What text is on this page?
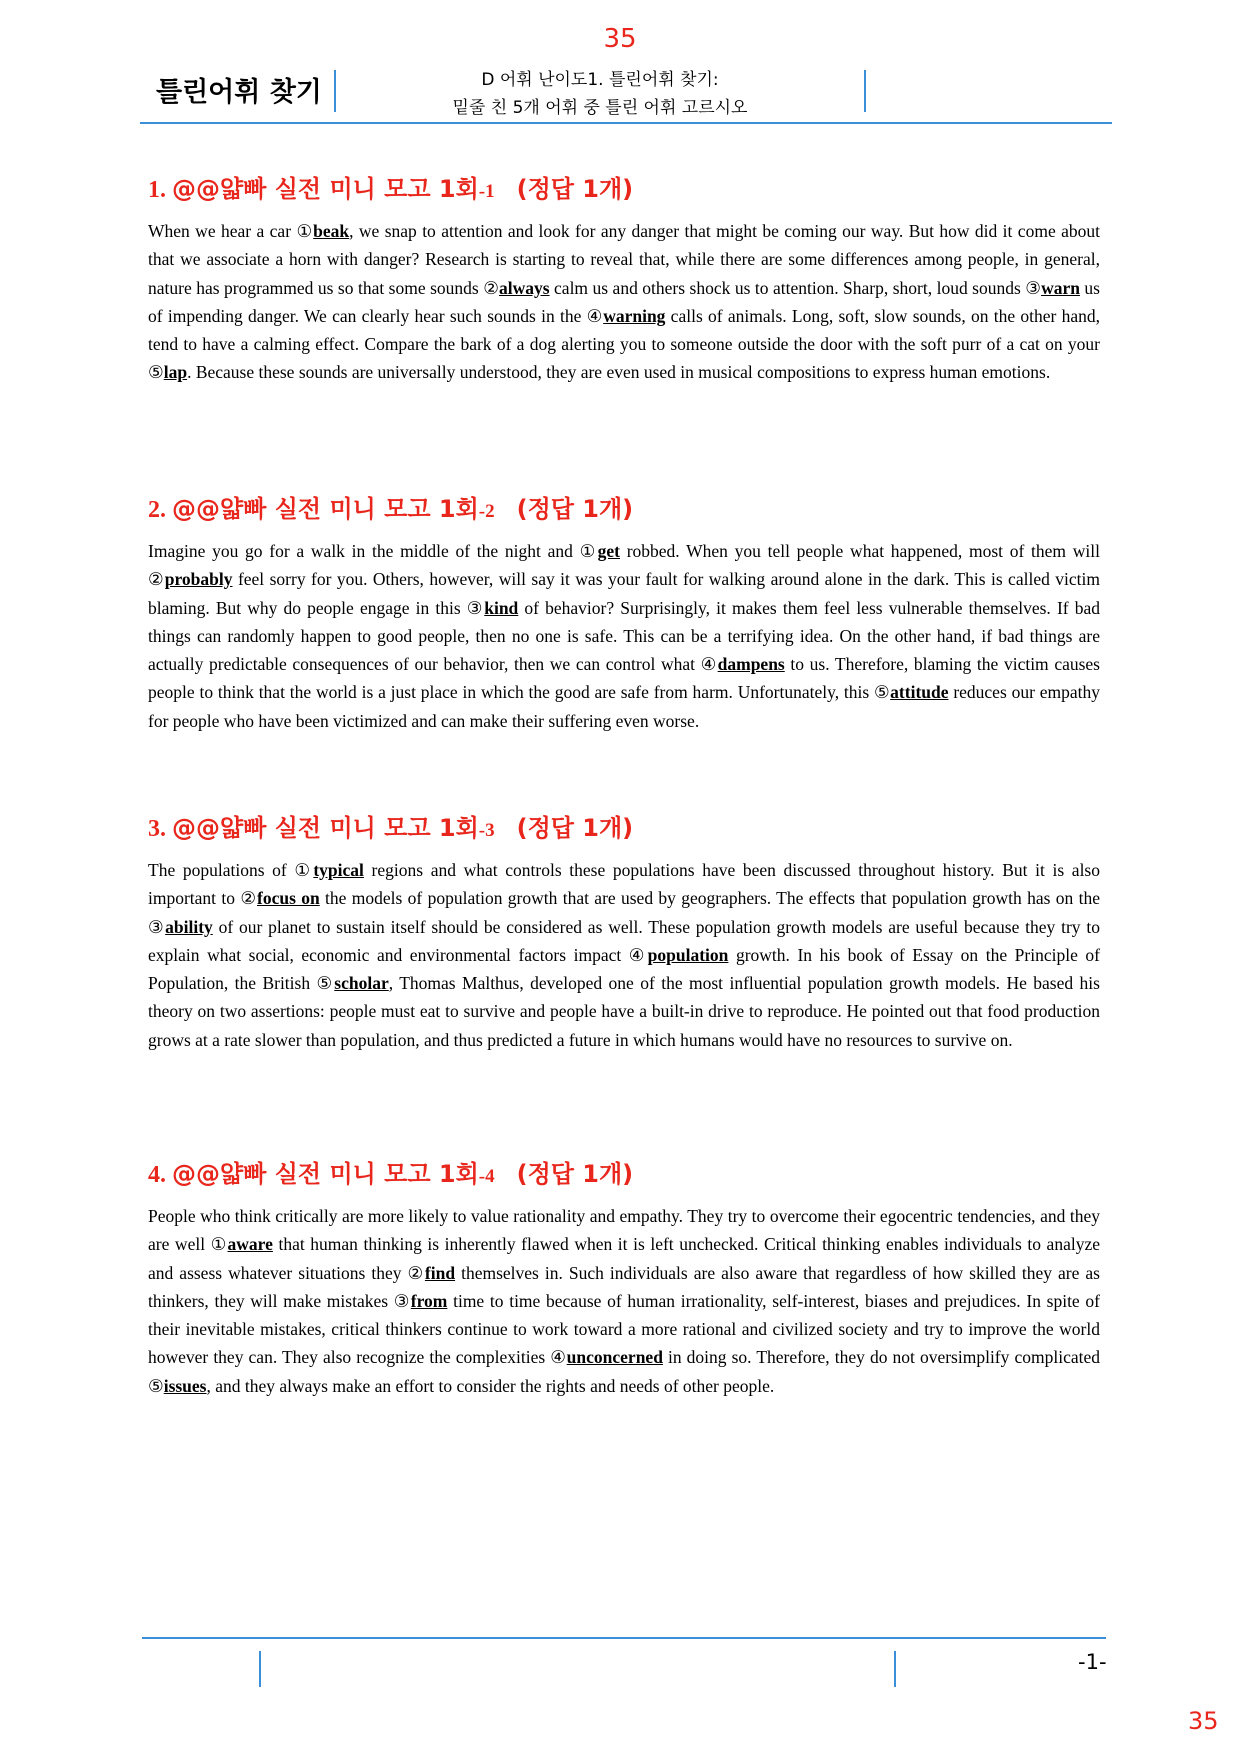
35
틀린어휘 찾기	D 어휘 난이도1. 틀린어휘 찾기:
밑줄 친 5개 어휘 중 틀린 어휘 고르시오
1. @@얇빠 실전 미니 모고 1회-1 (정답 1개)

When we hear a car ①beak, we snap to attention and look for any danger that might be coming our way. But how did it come about that we associate a horn with danger? Research is starting to reveal that, while there are some differences among people, in general, nature has programmed us so that some sounds ②always calm us and others shock us to attention. Sharp, short, loud sounds ③warn us of impending danger. We can clearly hear such sounds in the ④warning calls of animals. Long, soft, slow sounds, on the other hand, tend to have a calming effect. Compare the bark of a dog alerting you to someone outside the door with the soft purr of a cat on your ⑤lap. Because these sounds are universally understood, they are even used in musical compositions to express human emotions.

2. @@얇빠 실전 미니 모고 1회-2 (정답 1개)

Imagine you go for a walk in the middle of the night and ①get robbed. When you tell people what happened, most of them will ②probably feel sorry for you. Others, however, will say it was your fault for walking around alone in the dark. This is called victim blaming. But why do people engage in this ③kind of behavior? Surprisingly, it makes them feel less vulnerable themselves. If bad things can randomly happen to good people, then no one is safe. This can be a terrifying idea. On the other hand, if bad things are actually predictable consequences of our behavior, then we can control what ④dampens to us. Therefore, blaming the victim causes people to think that the world is a just place in which the good are safe from harm. Unfortunately, this ⑤attitude reduces our empathy for people who have been victimized and can make their suffering even worse.

3. @@얇빠 실전 미니 모고 1회-3 (정답 1개)

The populations of ①typical regions and what controls these populations have been discussed throughout history. But it is also important to ②focus on the models of population growth that are used by geographers. The effects that population growth has on the ③ability of our planet to sustain itself should be considered as well. These population growth models are useful because they try to explain what social, economic and environmental factors impact ④population growth. In his book of Essay on the Principle of Population, the British ⑤scholar, Thomas Malthus, developed one of the most influential population growth models. He based his theory on two assertions: people must eat to survive and people have a built-in drive to reproduce. He pointed out that food production grows at a rate slower than population, and thus predicted a future in which humans would have no resources to survive on.

4. @@얇빠 실전 미니 모고 1회-4 (정답 1개)

People who think critically are more likely to value rationality and empathy. They try to overcome their egocentric tendencies, and they are well ①aware that human thinking is inherently flawed when it is left unchecked. Critical thinking enables individuals to analyze and assess whatever situations they ②find themselves in. Such individuals are also aware that regardless of how skilled they are as thinkers, they will make mistakes ③from time to time because of human irrationality, self-interest, biases and prejudices. In spite of their inevitable mistakes, critical thinkers continue to work toward a more rational and civilized society and try to improve the world however they can. They also recognize the complexities ④unconcerned in doing so. Therefore, they do not oversimplify complicated ⑤issues, and they always make an effort to consider the rights and needs of other people.

-1-
35
